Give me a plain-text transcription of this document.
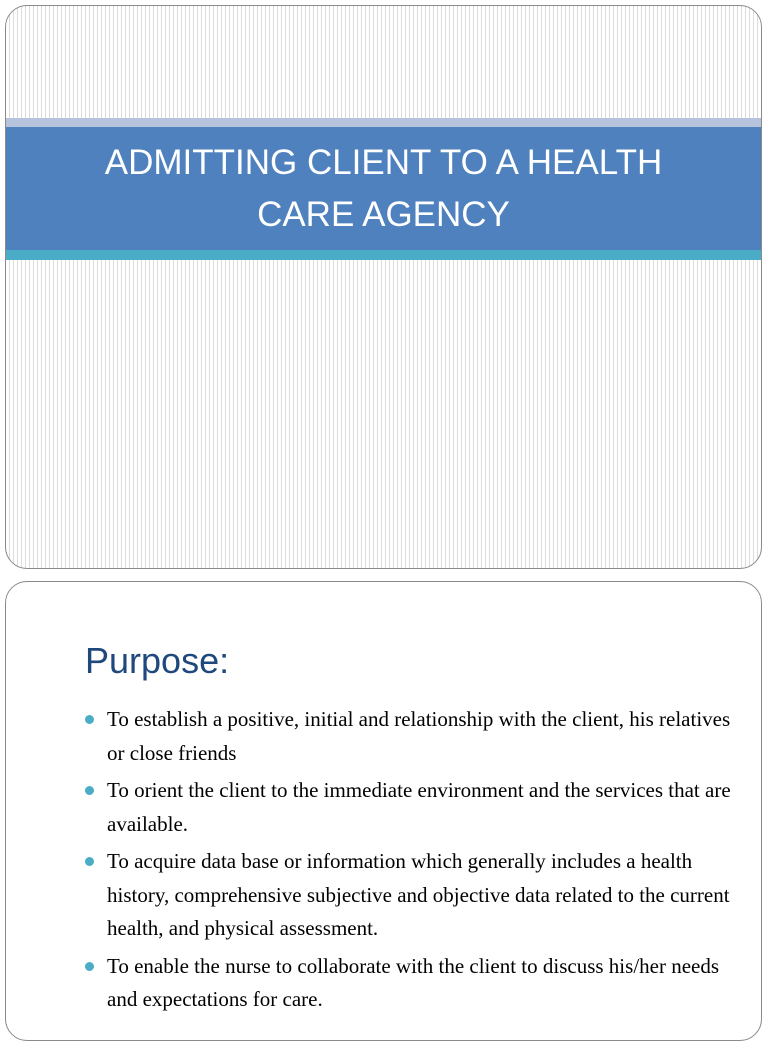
ADMITTING CLIENT TO A HEALTH CARE AGENCY
Purpose:
To establish a positive, initial and relationship with the client, his relatives or close friends
To orient the client to the immediate environment and the services that are available.
To acquire data base or information which generally includes a health history, comprehensive subjective and objective data related to the current health, and physical assessment.
To enable the nurse to collaborate with the client to discuss his/her needs and expectations for care.
